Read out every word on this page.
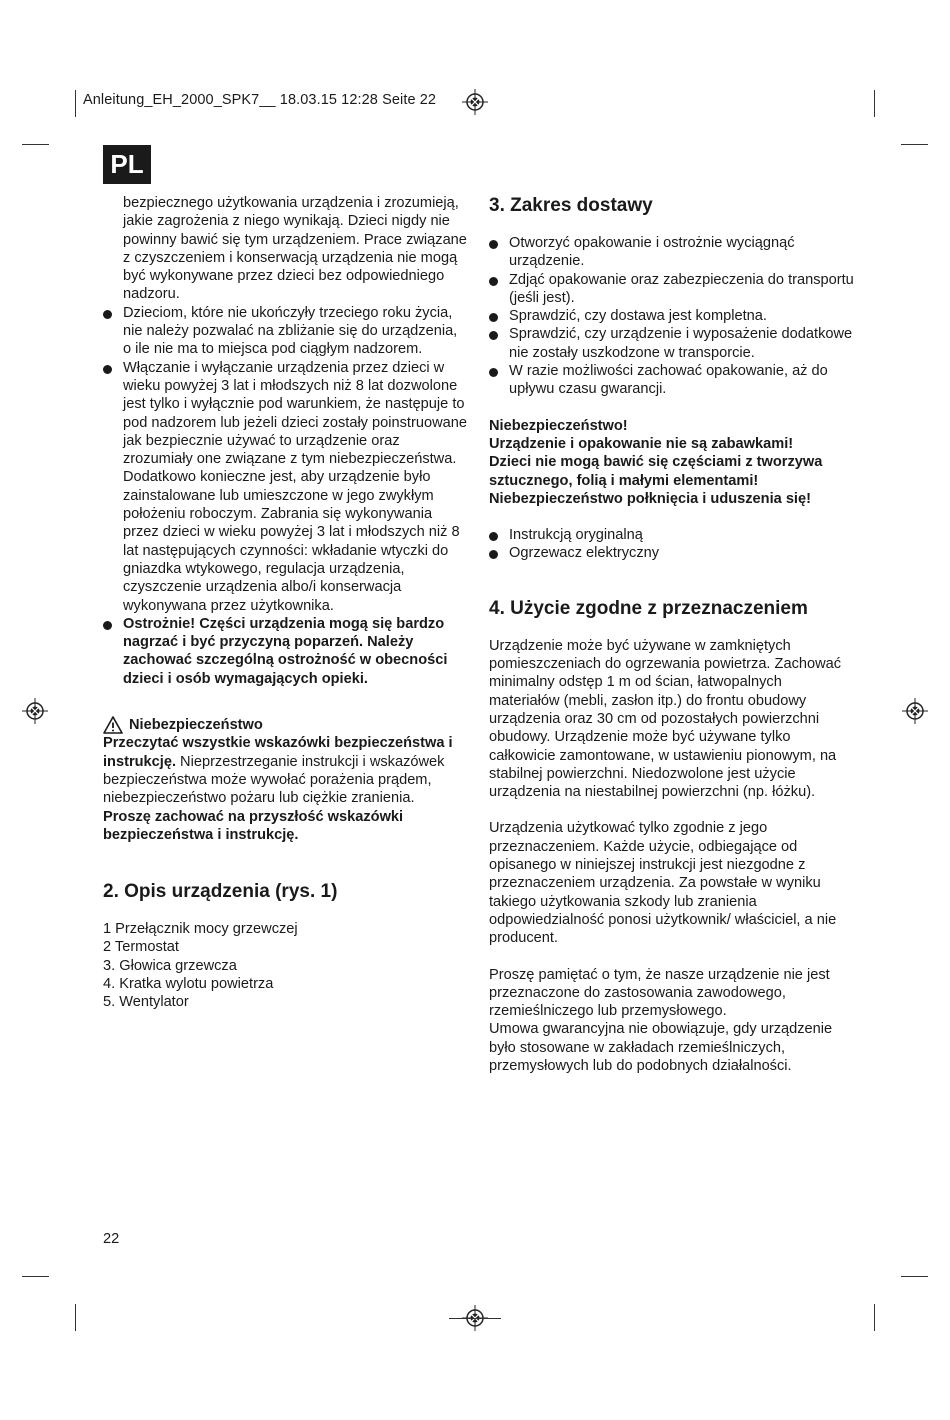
Anleitung_EH_2000_SPK7__ 18.03.15 12:28 Seite 22
PL

bezpiecznego użytkowania urządzenia i zrozumieją, jakie zagrożenia z niego wynikają. Dzieci nigdy nie powinny bawić się tym urządzeniem. Prace związane z czyszczeniem i konserwacją urządzenia nie mogą być wykonywane przez dzieci bez odpowiedniego nadzoru.

Dzieciom, które nie ukończyły trzeciego roku życia, nie należy pozwalać na zbliżanie się do urządzenia, o ile nie ma to miejsca pod ciągłym nadzorem.
Włączanie i wyłączanie urządzenia przez dzieci w wieku powyżej 3 lat i młodszych niż 8 lat dozwolone jest tylko i wyłącznie pod warunkiem, że następuje to pod nadzorem lub jeżeli dzieci zostały poinstruowane jak bezpiecznie używać to urządzenie oraz zrozumiały one związane z tym niebezpieczeństwa. Dodatkowo konieczne jest, aby urządzenie było zainstalowane lub umieszczone w jego zwykłym położeniu roboczym. Zabrania się wykonywania przez dzieci w wieku powyżej 3 lat i młodszych niż 8 lat następujących czynności: wkładanie wtyczki do gniazdka wtykowego, regulacja urządzenia, czyszczenie urządzenia albo/i konserwacja wykonywana przez użytkownika.
Ostrożnie! Części urządzenia mogą się bardzo nagrzać i być przyczyną poparzeń. Należy zachować szczególną ostrożność w obecności dzieci i osób wymagających opieki.
Niebezpieczeństwo

Przeczytać wszystkie wskazówki bezpieczeństwa i instrukcję. Nieprzestrzeganie instrukcji i wskazówek bezpieczeństwa może wywołać porażenia prądem, niebezpieczeństwo pożaru lub ciężkie zranienia.

Proszę zachować na przyszłość wskazówki bezpieczeństwa i instrukcję.

2. Opis urządzenia (rys. 1)
1 Przełącznik mocy grzewczej
2 Termostat
3. Głowica grzewcza
4. Kratka wylotu powietrza
5. Wentylator
3. Zakres dostawy
Otworzyć opakowanie i ostrożnie wyciągnąć urządzenie.
Zdjąć opakowanie oraz zabezpieczenia do transportu (jeśli jest).
Sprawdzić, czy dostawa jest kompletna.
Sprawdzić, czy urządzenie i wyposażenie dodatkowe nie zostały uszkodzone w transporcie.
W razie możliwości zachować opakowanie, aż do upływu czasu gwarancji.
Niebezpieczeństwo!
Urządzenie i opakowanie nie są zabawkami!
Dzieci nie mogą bawić się częściami z tworzywa sztucznego, folią i małymi elementami!
Niebezpieczeństwo połknięcia i uduszenia się!
Instrukcją oryginalną
Ogrzewacz elektryczny
4. Użycie zgodne z przeznaczeniem

Urządzenie może być używane w zamkniętych pomieszczeniach do ogrzewania powietrza. Zachować minimalny odstęp 1 m od ścian, łatwopalnych materiałów (mebli, zasłon itp.) do frontu obudowy urządzenia oraz 30 cm od pozostałych powierzchni obudowy. Urządzenie może być używane tylko całkowicie zamontowane, w ustawieniu pionowym, na stabilnej powierzchni. Niedozwolone jest użycie urządzenia na niestabilnej powierzchni (np. łóżku).

Urządzenia użytkować tylko zgodnie z jego przeznaczeniem. Każde użycie, odbiegające od opisanego w niniejszej instrukcji jest niezgodne z przeznaczeniem urządzenia. Za powstałe w wyniku takiego użytkowania szkody lub zranienia odpowiedzialność ponosi użytkownik/ właściciel, a nie producent.

Proszę pamiętać o tym, że nasze urządzenie nie jest przeznaczone do zastosowania zawodowego, rzemieślniczego lub przemysłowego.

Umowa gwarancyjna nie obowiązuje, gdy urządzenie było stosowane w zakładach rzemieślniczych, przemysłowych lub do podobnych działalności.

22
